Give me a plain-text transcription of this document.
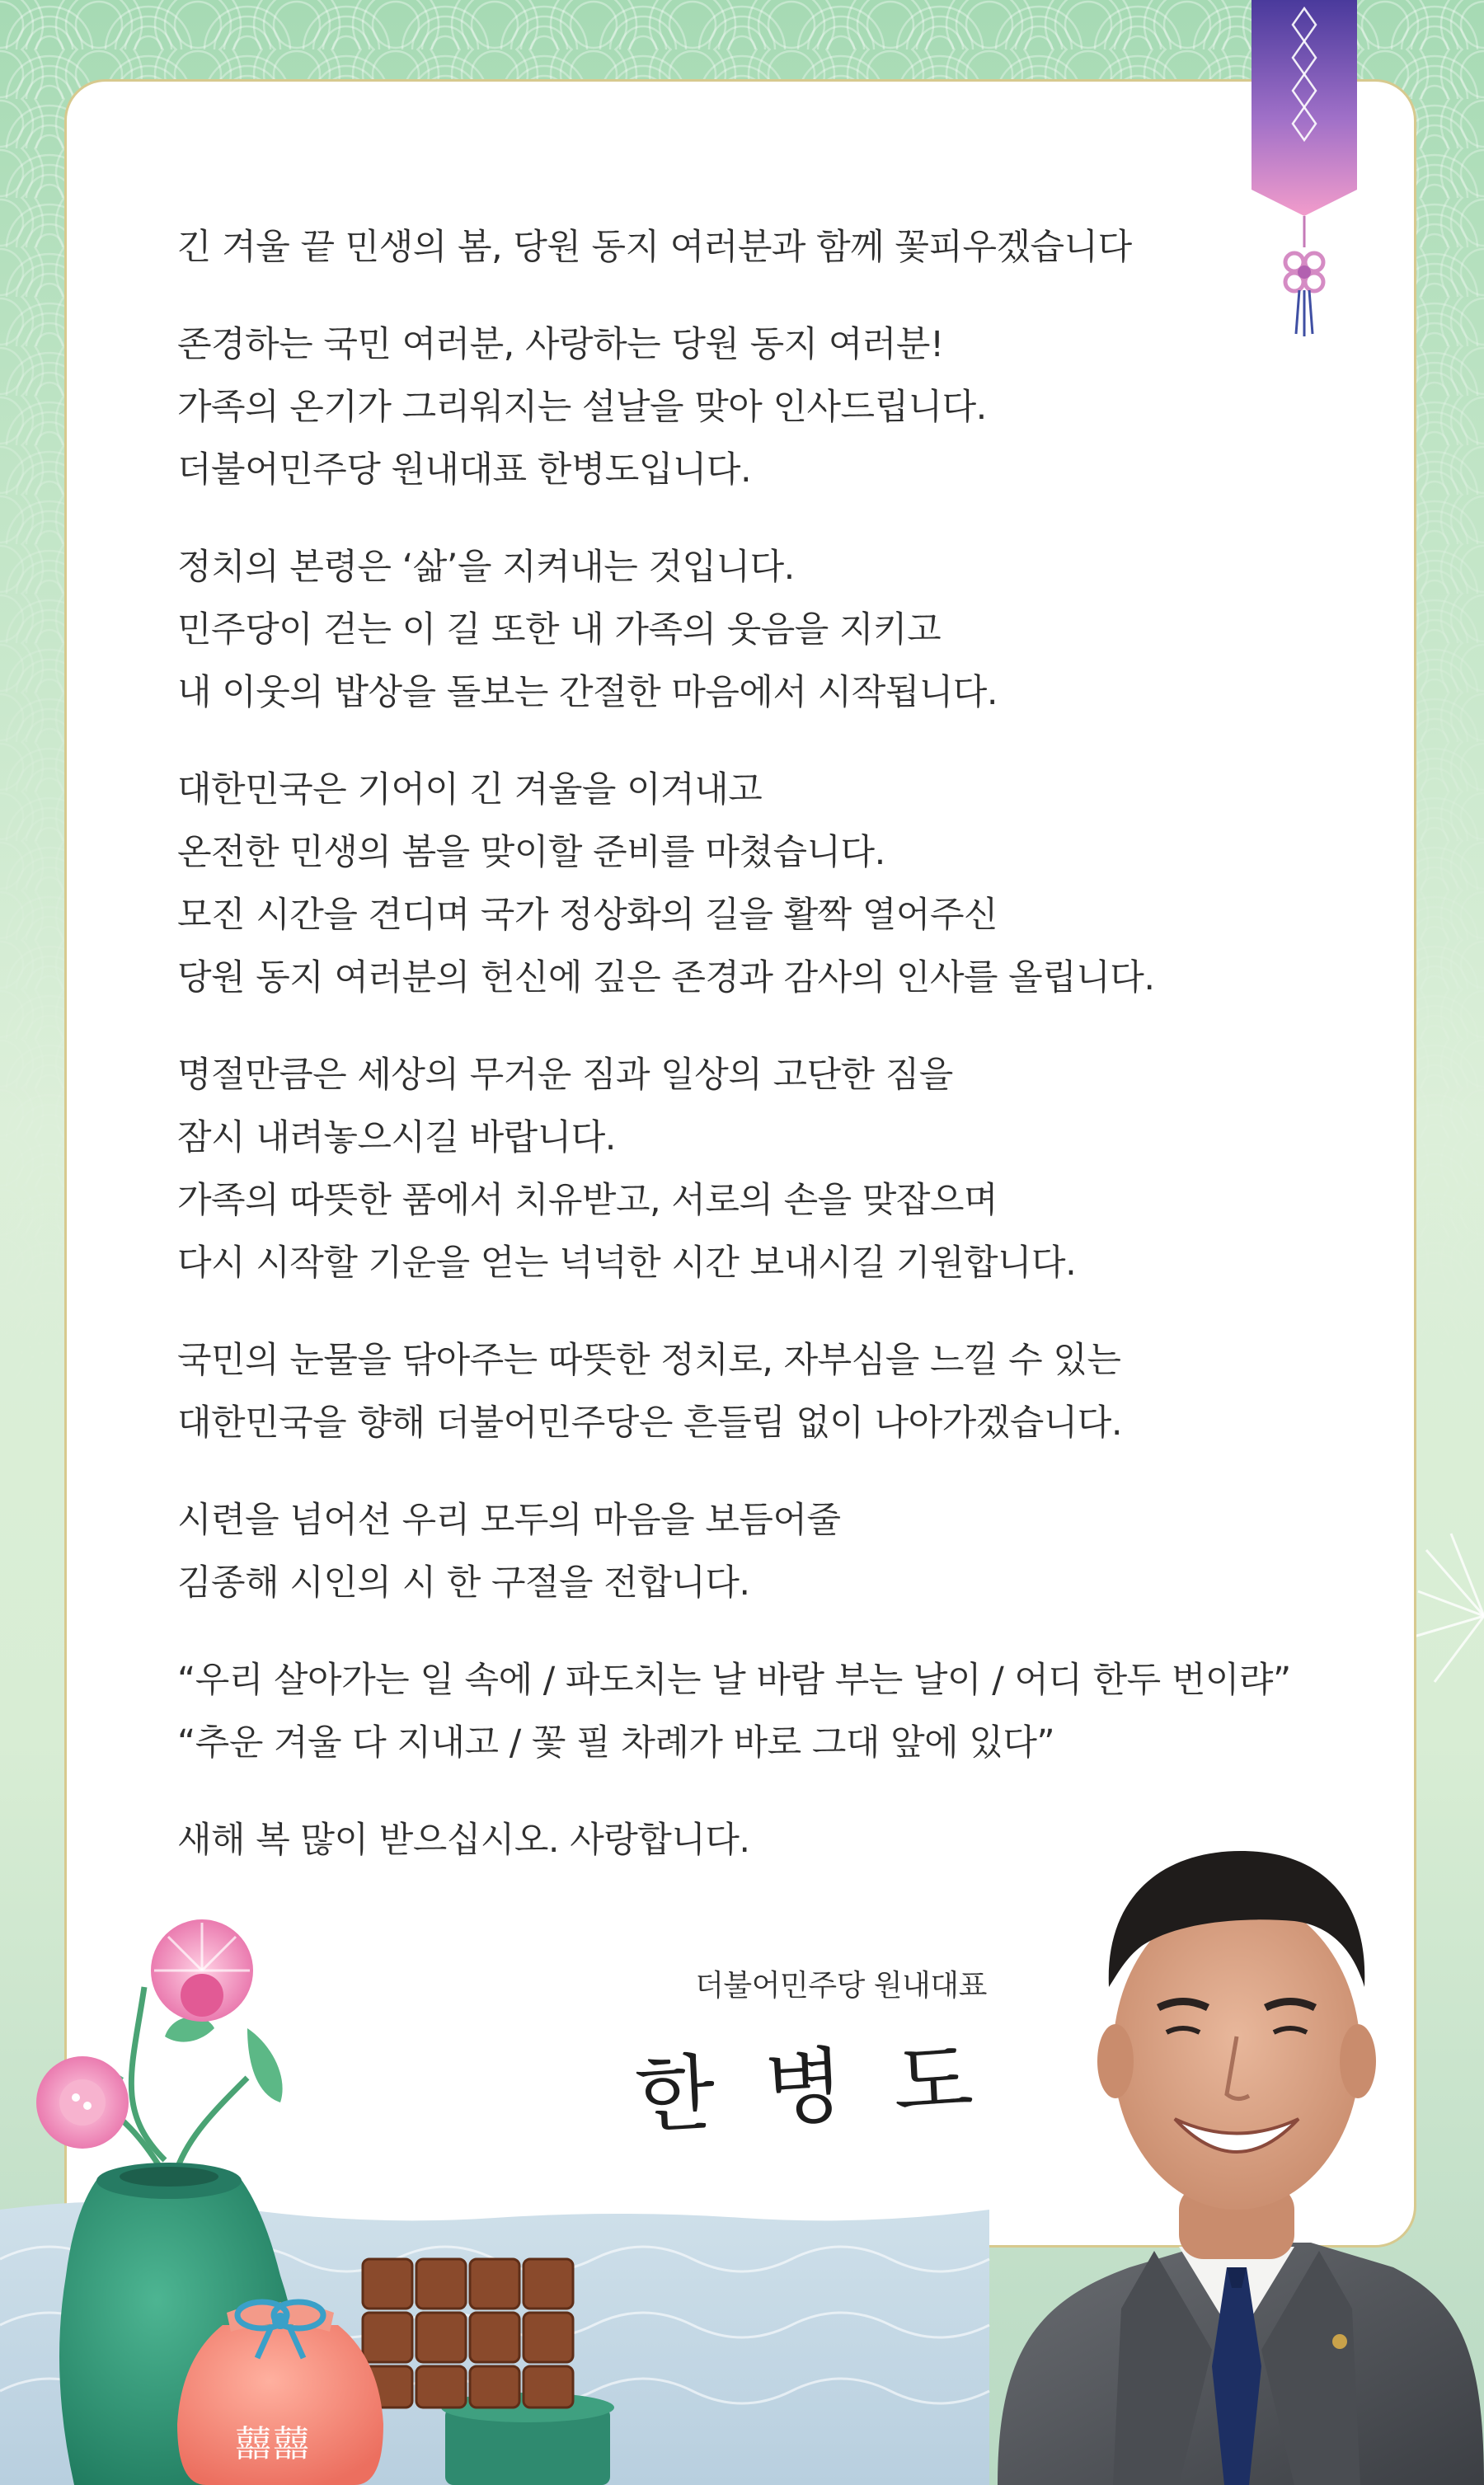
긴 겨울 끝 민생의 봄, 당원 동지 여러분과 함께 꽃피우겠습니다

존경하는 국민 여러분, 사랑하는 당원 동지 여러분!
가족의 온기가 그리워지는 설날을 맞아 인사드립니다.
더불어민주당 원내대표 한병도입니다.

정치의 본령은 ‘삶’을 지켜내는 것입니다.
민주당이 걷는 이 길 또한 내 가족의 웃음을 지키고
내 이웃의 밥상을 돌보는 간절한 마음에서 시작됩니다.

대한민국은 기어이 긴 겨울을 이겨내고
온전한 민생의 봄을 맞이할 준비를 마쳤습니다.
모진 시간을 견디며 국가 정상화의 길을 활짝 열어주신
당원 동지 여러분의 헌신에 깊은 존경과 감사의 인사를 올립니다.

명절만큼은 세상의 무거운 짐과 일상의 고단한 짐을
잠시 내려놓으시길 바랍니다.
가족의 따뜻한 품에서 치유받고, 서로의 손을 맞잡으며
다시 시작할 기운을 얻는 넉넉한 시간 보내시길 기원합니다.

국민의 눈물을 닦아주는 따뜻한 정치로, 자부심을 느낄 수 있는
대한민국을 향해 더불어민주당은 흔들림 없이 나아가겠습니다.

시련을 넘어선 우리 모두의 마음을 보듬어줄
김종해 시인의 시 한 구절을 전합니다.

“우리 살아가는 일 속에 / 파도치는 날 바람 부는 날이 / 어디 한두 번이랴”
“추운 겨울 다 지내고 / 꽃 필 차례가 바로 그대 앞에 있다”

새해 복 많이 받으십시오. 사랑합니다.

더불어민주당 원내대표
한병도
囍囍
